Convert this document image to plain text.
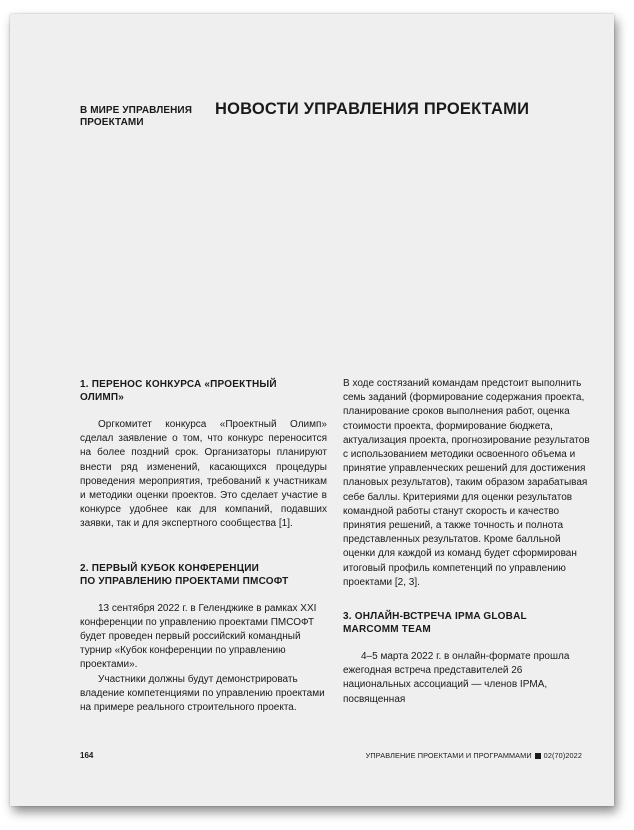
В МИРЕ УПРАВЛЕНИЯ
ПРОЕКТАМИ
НОВОСТИ УПРАВЛЕНИЯ ПРОЕКТАМИ
1. ПЕРЕНОС КОНКУРСА «ПРОЕКТНЫЙ
ОЛИМП»

Оргкомитет конкурса «Проектный Олимп» сделал заявление о том, что конкурс переносится на более поздний срок. Организаторы планируют внести ряд изменений, касающихся процедуры проведения мероприятия, требований к участникам и методики оценки проектов. Это сделает участие в конкурсе удобнее как для компаний, подавших заявки, так и для экспертного сообщества [1].

2. ПЕРВЫЙ КУБОК КОНФЕРЕНЦИИ
ПО УПРАВЛЕНИЮ ПРОЕКТАМИ ПМСОФТ

13 сентября 2022 г. в Геленджике в рамках XXI конференции по управлению проектами ПМСОФТ будет проведен первый российский командный турнир «Кубок конференции по управлению проектами».

Участники должны будут демонстрировать владение компетенциями по управлению проектами на примере реального строительного проекта.

В ходе состязаний командам предстоит выполнить семь заданий (формирование содержания проекта, планирование сроков выполнения работ, оценка стоимости проекта, формирование бюджета, актуализация проекта, прогнозирование результатов с использованием методики освоенного объема и принятие управленческих решений для достижения плановых результатов), таким образом зарабатывая себе баллы. Критериями для оценки результатов командной работы станут скорость и качество принятия решений, а также точность и полнота представленных результатов. Кроме балльной оценки для каждой из команд будет сформирован итоговый профиль компетенций по управлению проектами [2, 3].

3. ОНЛАЙН-ВСТРЕЧА IPMA GLOBAL
MARCOMM TEAM

4–5 марта 2022 г. в онлайн-формате прошла ежегодная встреча представителей 26 национальных ассоциаций — членов IPMA, посвященная

164	УПРАВЛЕНИЕ ПРОЕКТАМИ И ПРОГРАММАМИ 02(70)2022
